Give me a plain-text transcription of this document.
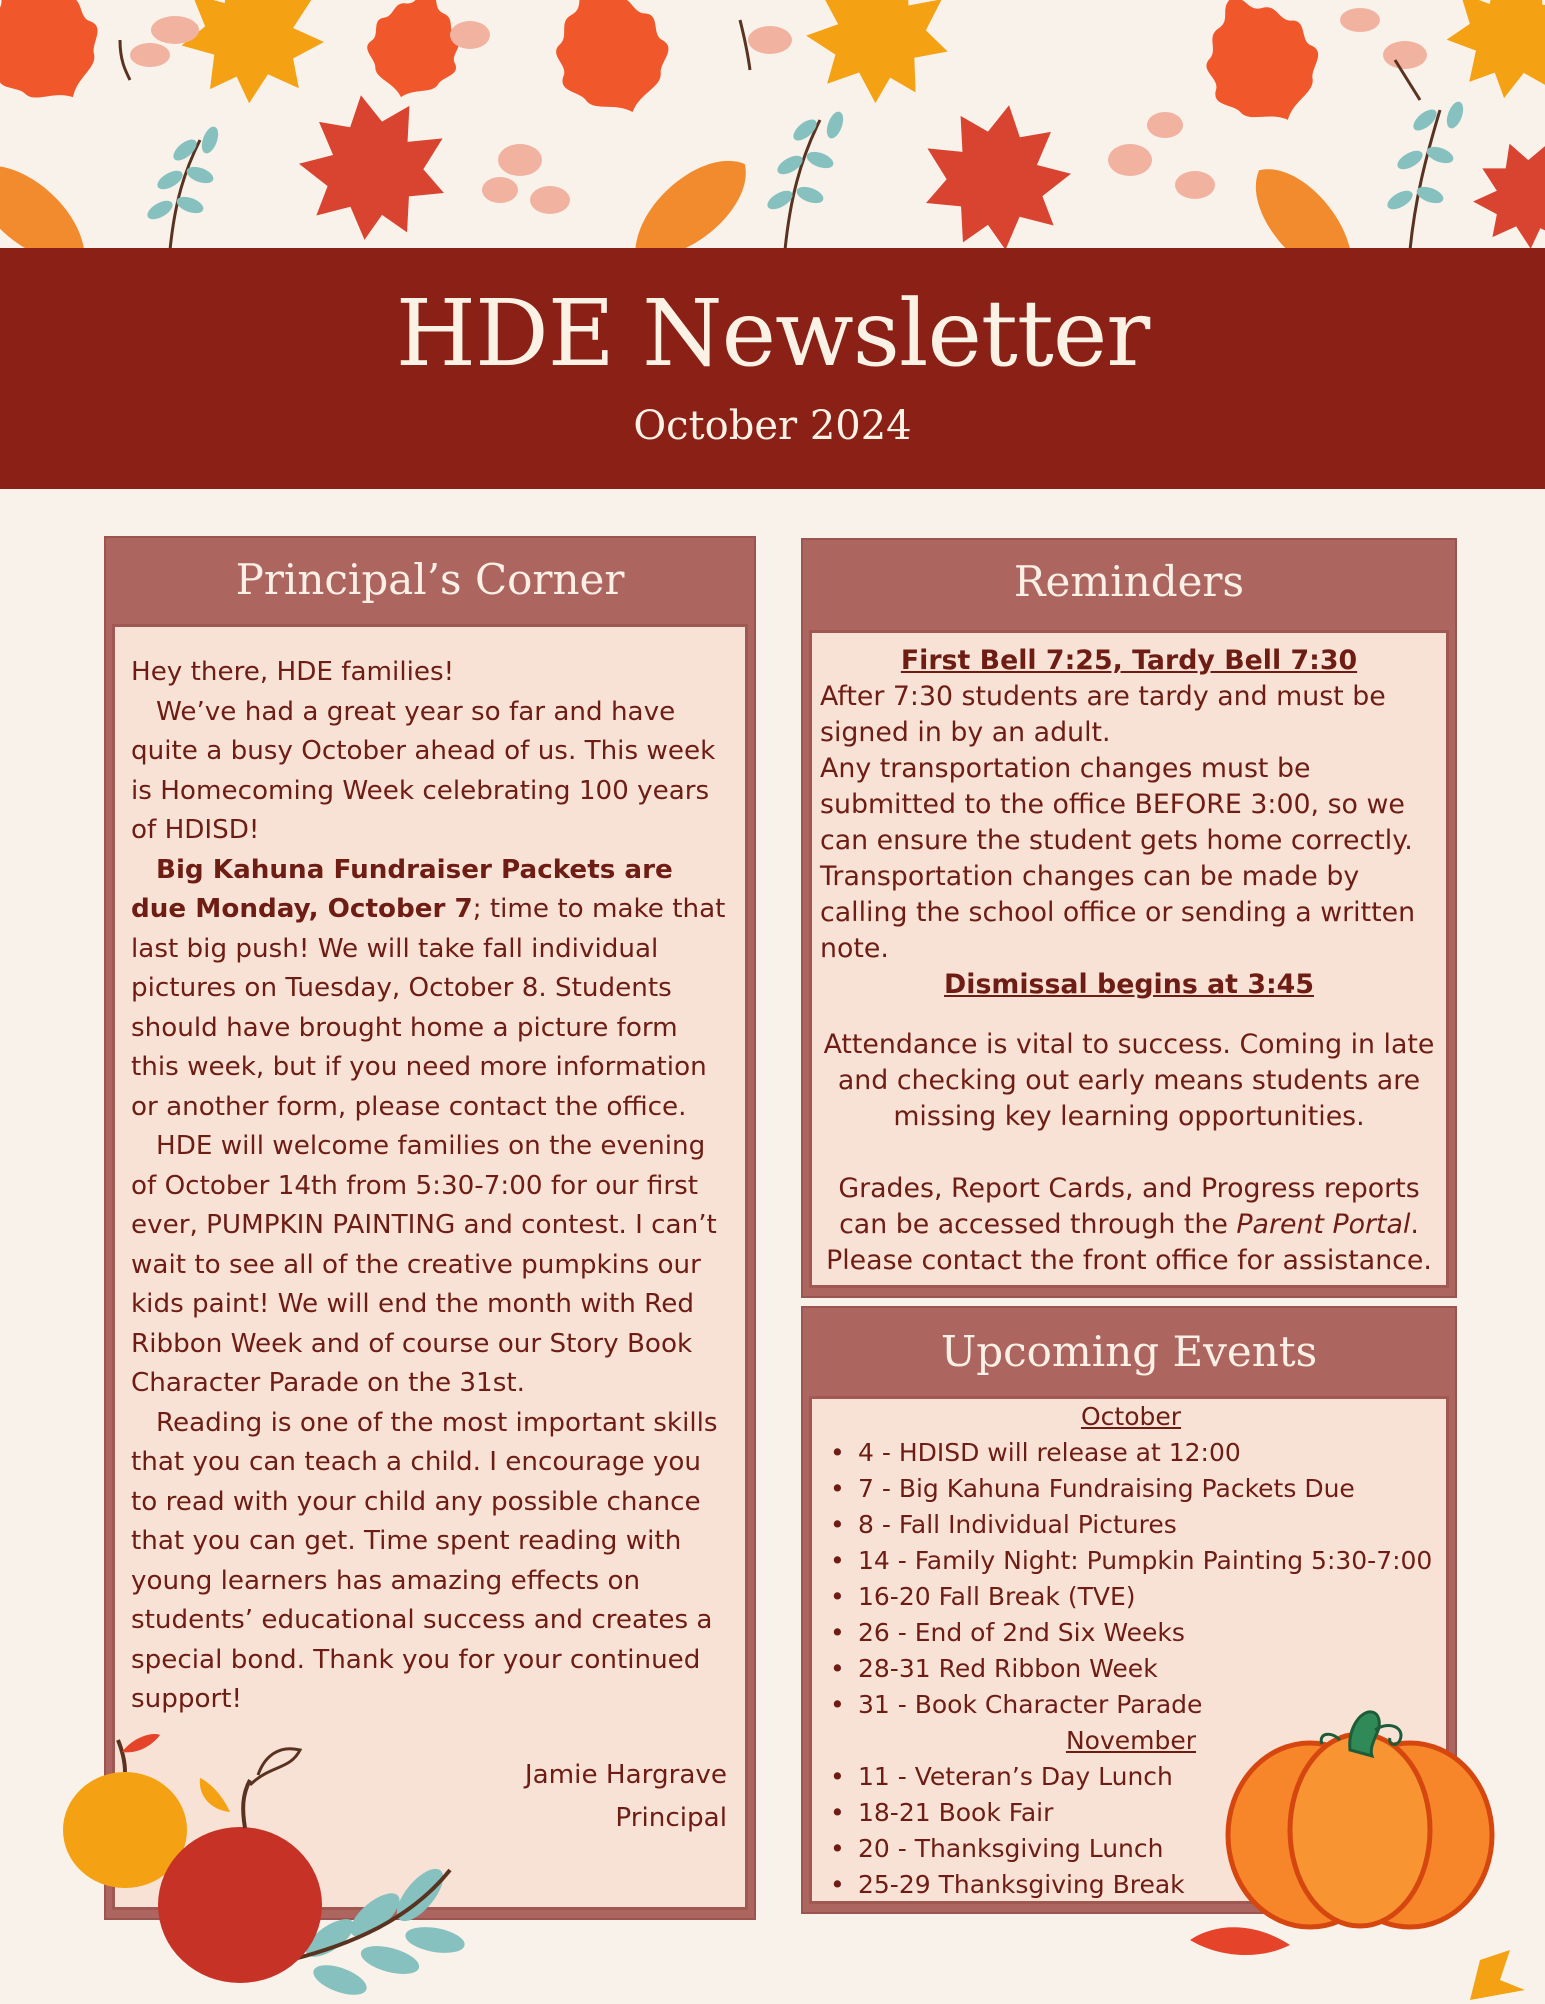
HDE Newsletter
October 2024
Principal’s Corner

Hey there, HDE families!

We’ve had a great year so far and have quite a busy October ahead of us. This week is Homecoming Week celebrating 100 years of HDISD!

Big Kahuna Fundraiser Packets are due Monday, October 7; time to make that last big push! We will take fall individual pictures on Tuesday, October 8. Students should have brought home a picture form this week, but if you need more information or another form, please contact the office.

HDE will welcome families on the evening of October 14th from 5:30-7:00 for our first ever, PUMPKIN PAINTING and contest. I can’t wait to see all of the creative pumpkins our kids paint! We will end the month with Red Ribbon Week and of course our Story Book Character Parade on the 31st.

Reading is one of the most important skills that you can teach a child. I encourage you to read with your child any possible chance that you can get. Time spent reading with young learners has amazing effects on students’ educational success and creates a special bond. Thank you for your continued support!

Jamie Hargrave
Principal
Reminders

First Bell 7:25, Tardy Bell 7:30

After 7:30 students are tardy and must be signed in by an adult.

Any transportation changes must be submitted to the office BEFORE 3:00, so we can ensure the student gets home correctly.

Transportation changes can be made by calling the school office or sending a written note.

Dismissal begins at 3:45

Attendance is vital to success. Coming in late and checking out early means students are missing key learning opportunities.

Grades, Report Cards, and Progress reports can be accessed through the Parent Portal. Please contact the front office for assistance.

Upcoming Events
October
• 4 - HDISD will release at 12:00
• 7 - Big Kahuna Fundraising Packets Due
• 8 - Fall Individual Pictures
• 14 - Family Night: Pumpkin Painting 5:30-7:00
• 16-20 Fall Break (TVE)
• 26 - End of 2nd Six Weeks
• 28-31 Red Ribbon Week
• 31 - Book Character Parade
November
• 11 - Veteran’s Day Lunch
• 18-21 Book Fair
• 20 - Thanksgiving Lunch
• 25-29 Thanksgiving Break
